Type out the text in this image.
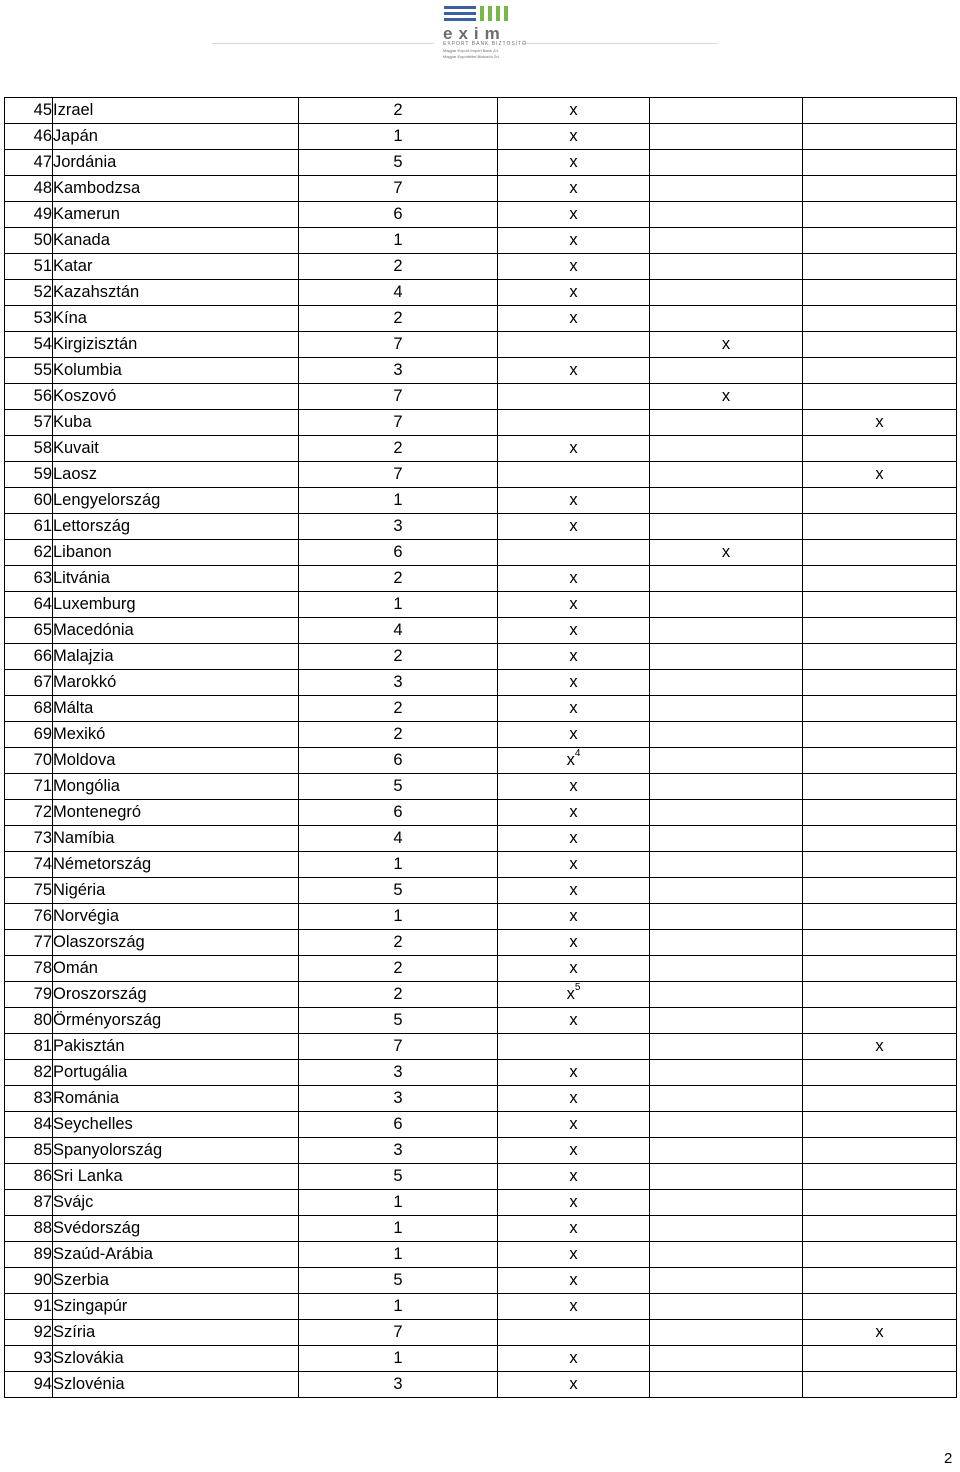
exim
EXPORT BANK BIZTOSÍTÓ
Magyar Export-Import Bank Zrt.
Magyar Exporthitel Biztosító Zrt.
45	Izrael	2	x		
46	Japán	1	x		
47	Jordánia	5	x		
48	Kambodzsa	7	x		
49	Kamerun	6	x		
50	Kanada	1	x		
51	Katar	2	x		
52	Kazahsztán	4	x		
53	Kína	2	x		
54	Kirgizisztán	7		x	
55	Kolumbia	3	x		
56	Koszovó	7		x	
57	Kuba	7			x
58	Kuvait	2	x		
59	Laosz	7			x
60	Lengyelország	1	x		
61	Lettország	3	x		
62	Libanon	6		x	
63	Litvánia	2	x		
64	Luxemburg	1	x		
65	Macedónia	4	x		
66	Malajzia	2	x		
67	Marokkó	3	x		
68	Málta	2	x		
69	Mexikó	2	x		
70	Moldova	6	x$^4$		
71	Mongólia	5	x		
72	Montenegró	6	x		
73	Namíbia	4	x		
74	Németország	1	x		
75	Nigéria	5	x		
76	Norvégia	1	x		
77	Olaszország	2	x		
78	Omán	2	x		
79	Oroszország	2	x$^5$		
80	Örményország	5	x		
81	Pakisztán	7			x
82	Portugália	3	x		
83	Románia	3	x		
84	Seychelles	6	x		
85	Spanyolország	3	x		
86	Sri Lanka	5	x		
87	Svájc	1	x		
88	Svédország	1	x		
89	Szaúd-Arábia	1	x		
90	Szerbia	5	x		
91	Szingapúr	1	x		
92	Szíria	7			x
93	Szlovákia	1	x		
94	Szlovénia	3	x		
2
